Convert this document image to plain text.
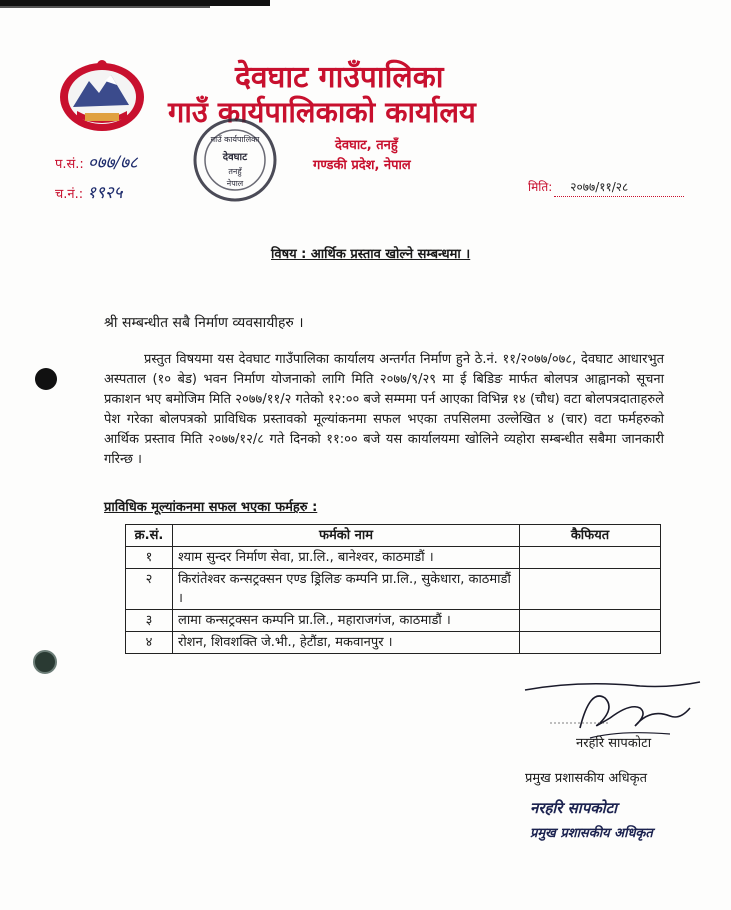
देवघाट गाउँपालिका
गाउँ कार्यपालिकाको कार्यालय
देवघाट, तनहुँ
गण्डकी प्रदेश, नेपाल
गाउँ कार्यपालिका
देवघाट
तनहुँ
नेपाल
प.सं.: ०७७/७८
च.नं.: १९२५	मिति: २०७७/११/२८
विषय : आर्थिक प्रस्ताव खोल्ने सम्बन्धमा ।
श्री सम्बन्धीत सबै निर्माण व्यवसायीहरु ।
प्रस्तुत विषयमा यस देवघाट गाउँपालिका कार्यालय अन्तर्गत निर्माण हुने ठे.नं. ११/२०७७/०७८, देवघाट आधारभुत अस्पताल (१० बेड) भवन निर्माण योजनाको लागि मिति २०७७/९/२९ मा ई बिडिङ मार्फत बोलपत्र आह्वानको सूचना प्रकाशन भए बमोजिम मिति २०७७/११/२ गतेको १२:०० बजे सम्ममा पर्न आएका विभिन्न १४ (चौध) वटा बोलपत्रदाताहरुले पेश गरेका बोलपत्रको प्राविधिक प्रस्तावको मूल्यांकनमा सफल भएका तपसिलमा उल्लेखित ४ (चार) वटा फर्महरुको आर्थिक प्रस्ताव मिति २०७७/१२/८ गते दिनको ११:०० बजे यस कार्यालयमा खोलिने व्यहोरा सम्बन्धीत सबैमा जानकारी गरिन्छ ।
प्राविधिक मूल्यांकनमा सफल भएका फर्महरु :
क्र.सं.	फर्मको नाम	कैफियत
१	श्याम सुन्दर निर्माण सेवा, प्रा.लि., बानेश्वर, काठमाडौं ।	
२	किरांतेश्वर कन्सट्रक्सन एण्ड ड्रिलिङ कम्पनि प्रा.लि., सुकेधारा, काठमाडौं ।	
३	लामा कन्सट्रक्सन कम्पनि प्रा.लि., महाराजगंज, काठमाडौं ।	
४	रोशन, शिवशक्ति जे.भी., हेटौंडा, मकवानपुर ।	
नरहरि सापकोटा
प्रमुख प्रशासकीय अधिकृत
नरहरि सापकोटा
प्रमुख प्रशासकीय अधिकृत
